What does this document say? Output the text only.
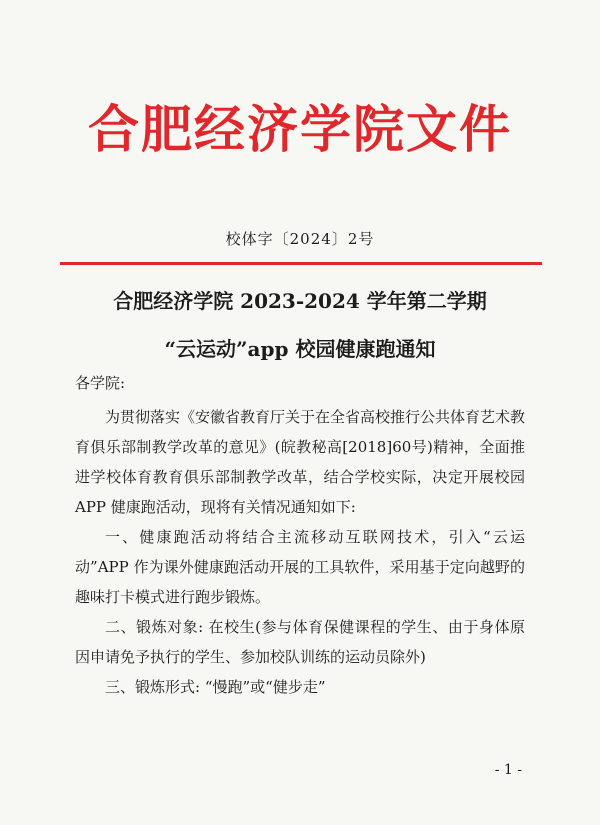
合肥经济学院文件
校体字〔2024〕2号
合肥经济学院 2023-2024 学年第二学期
“云运动”app 校园健康跑通知
各学院:

为贯彻落实《安徽省教育厅关于在全省高校推行公共体育艺术教育俱乐部制教学改革的意见》(皖教秘高[2018]60号)精神，全面推进学校体育教育俱乐部制教学改革，结合学校实际，决定开展校园 APP 健康跑活动，现将有关情况通知如下:

一、健康跑活动将结合主流移动互联网技术，引入“云运动”APP 作为课外健康跑活动开展的工具软件，采用基于定向越野的趣味打卡模式进行跑步锻炼。

二、锻炼对象: 在校生(参与体育保健课程的学生、由于身体原因申请免予执行的学生、参加校队训练的运动员除外)

三、锻炼形式: “慢跑”或“健步走”

- 1 -
